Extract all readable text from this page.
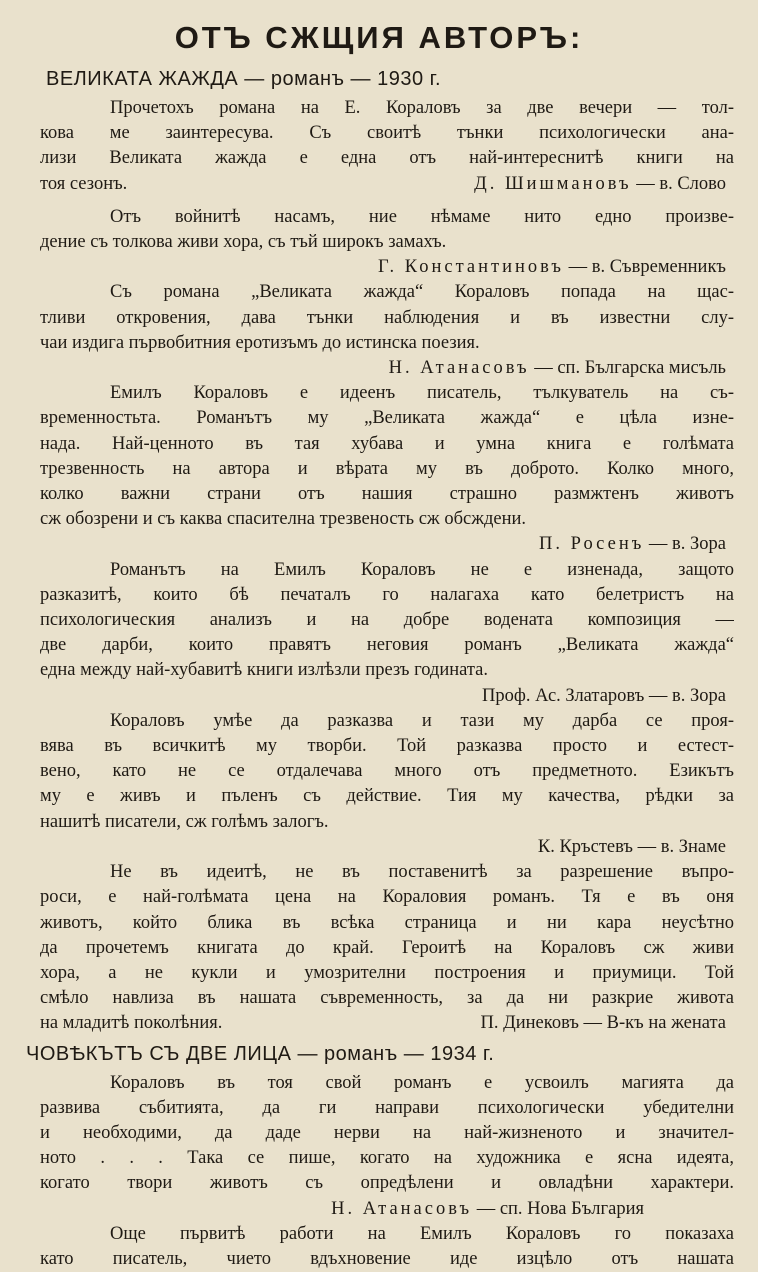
ОТЪ СЖЩИЯ АВТОРЪ:
ВЕЛИКАТА ЖАЖДА — романъ — 1930 г.
Прочетохъ романа на Е. Кораловъ за две вечери — тол-
кова ме заинтересува. Съ своитѣ тънки психологически ана-
лизи Великата жажда е една отъ най-интереснитѣ книги на
тоя сезонъ.	Д. Шишмановъ — в. Слово
Отъ войнитѣ насамъ, ние нѣмаме нито едно произве-
дение съ толкова живи хора, съ тъй широкъ замахъ.
Г. Константиновъ — в. Съвременникъ
Съ романа „Великата жажда“ Кораловъ попада на щас-
тливи откровения, дава тънки наблюдения и въ известни слу-
чаи издига първобитния еротизъмъ до истинска поезия.
Н. Атанасовъ — сп. Българска мисъль
Емилъ Кораловъ е идеенъ писатель, тълкуватель на съ-
временностьта. Романътъ му „Великата жажда“ е цѣла изне-
нада. Най-ценното въ тая хубава и умна книга е голѣмата
трезвенность на автора и вѣрата му въ доброто. Колко много,
колко важни страни отъ нашия страшно размжтенъ животъ
сж обозрени и съ каква спасителна трезвеность сж обсждени.
П. Росенъ — в. Зора
Романътъ на Емилъ Кораловъ не е изненада, защото
разказитѣ, които бѣ печаталъ го налагаха като белетристъ на
психологическия анализъ и на добре водената композиция —
две дарби, които правятъ неговия романъ „Великата жажда“
една между най-хубавитѣ книги излѣзли презъ годината.
Проф. Ас. Златаровъ — в. Зора
Кораловъ умѣе да разказва и тази му дарба се проя-
вява въ всичкитѣ му творби. Той разказва просто и естест-
вено, като не се отдалечава много отъ предметното. Езикътъ
му е живъ и пъленъ съ действие. Тия му качества, рѣдки за
нашитѣ писатели, сж голѣмъ залогъ.
К. Кръстевъ — в. Знаме
Не въ идеитѣ, не въ поставенитѣ за разрешение въпро-
роси, е най-голѣмата цена на Кораловия романъ. Тя е въ оня
животъ, който блика въ всѣка страница и ни кара неусѣтно
да прочетемъ книгата до край. Героитѣ на Кораловъ сж живи
хора, а не кукли и умозрителни построения и приумици. Той
смѣло навлиза въ нашата съвременность, за да ни разкрие живота
на младитѣ поколѣния.	П. Динековъ — В-къ на жената
ЧОВѢКЪТЪ СЪ ДВЕ ЛИЦА — романъ — 1934 г.
Кораловъ въ тоя свой романъ е усвоилъ магията да
развива събитията, да ги направи психологически убедителни
и необходими, да даде нерви на най-жизненото и значител-
ното . . . Така се пише, когато на художника е ясна идеята,
когато твори животъ съ опредѣлени и овладѣни характери.
Н. Атанасовъ — сп. Нова България
Още първитѣ работи на Емилъ Кораловъ го показаха
като писатель, чието вдъхновение иде изцѣло отъ нашата
